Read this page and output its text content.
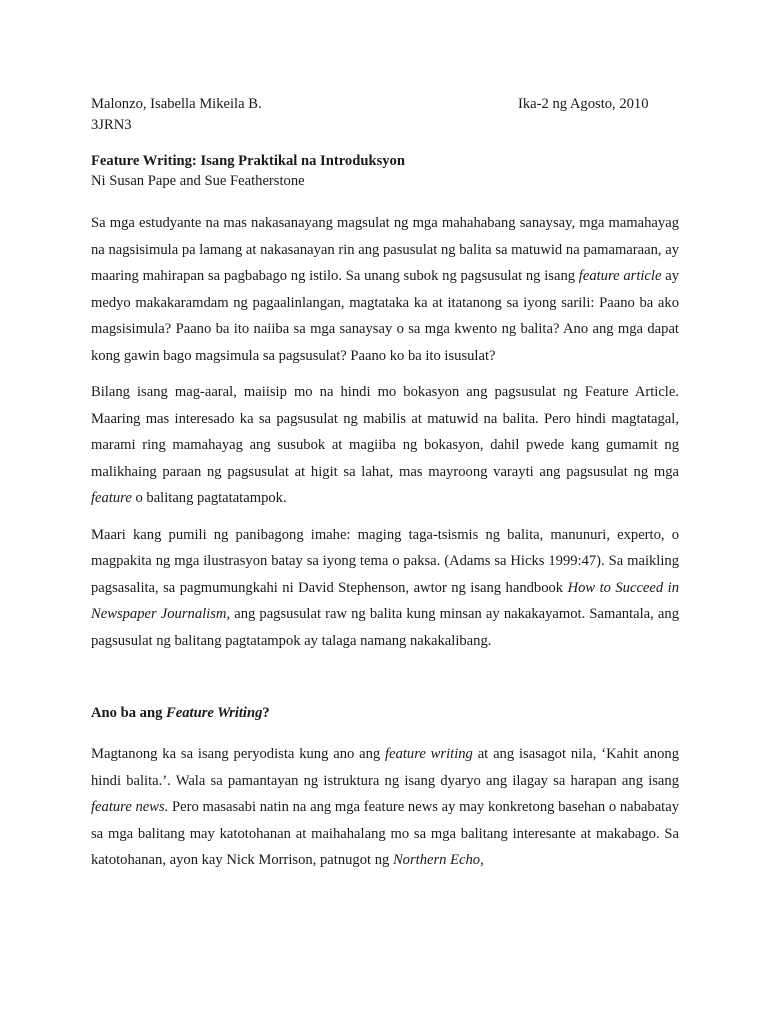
Malonzo, Isabella Mikeila B.	Ika-2 ng Agosto, 2010
3JRN3
Feature Writing: Isang Praktikal na Introduksyon
Ni Susan Pape and Sue Featherstone

Sa mga estudyante na mas nakasanayang magsulat ng mga mahahabang sanaysay, mga mamahayag na nagsisimula pa lamang at nakasanayan rin ang pasusulat ng balita sa matuwid na pamamaraan, ay maaring mahirapan sa pagbabago ng istilo. Sa unang subok ng pagsusulat ng isang feature article ay medyo makakaramdam ng pagaalinlangan, magtataka ka at itatanong sa iyong sarili: Paano ba ako magsisimula? Paano ba ito naiiba sa mga sanaysay o sa mga kwento ng balita? Ano ang mga dapat kong gawin bago magsimula sa pagsusulat? Paano ko ba ito isusulat?

Bilang isang mag-aaral, maiisip mo na hindi mo bokasyon ang pagsusulat ng Feature Article. Maaring mas interesado ka sa pagsusulat ng mabilis at matuwid na balita. Pero hindi magtatagal, marami ring mamahayag ang susubok at magiiba ng bokasyon, dahil pwede kang gumamit ng malikhaing paraan ng pagsusulat at higit sa lahat, mas mayroong varayti ang pagsusulat ng mga feature o balitang pagtatatampok.

Maari kang pumili ng panibagong imahe: maging taga-tsismis ng balita, manunuri, experto, o magpakita ng mga ilustrasyon batay sa iyong tema o paksa. (Adams sa Hicks 1999:47). Sa maikling pagsasalita, sa pagmumungkahi ni David Stephenson, awtor ng isang handbook How to Succeed in Newspaper Journalism, ang pagsusulat raw ng balita kung minsan ay nakakayamot. Samantala, ang pagsusulat ng balitang pagtatampok ay talaga namang nakakalibang.

Ano ba ang Feature Writing?

Magtanong ka sa isang peryodista kung ano ang feature writing at ang isasagot nila, ‘Kahit anong hindi balita.’. Wala sa pamantayan ng istruktura ng isang dyaryo ang ilagay sa harapan ang isang feature news. Pero masasabi natin na ang mga feature news ay may konkretong basehan o nababatay sa mga balitang may katotohanan at maihahalang mo sa mga balitang interesante at makabago. Sa katotohanan, ayon kay Nick Morrison, patnugot ng Northern Echo,
